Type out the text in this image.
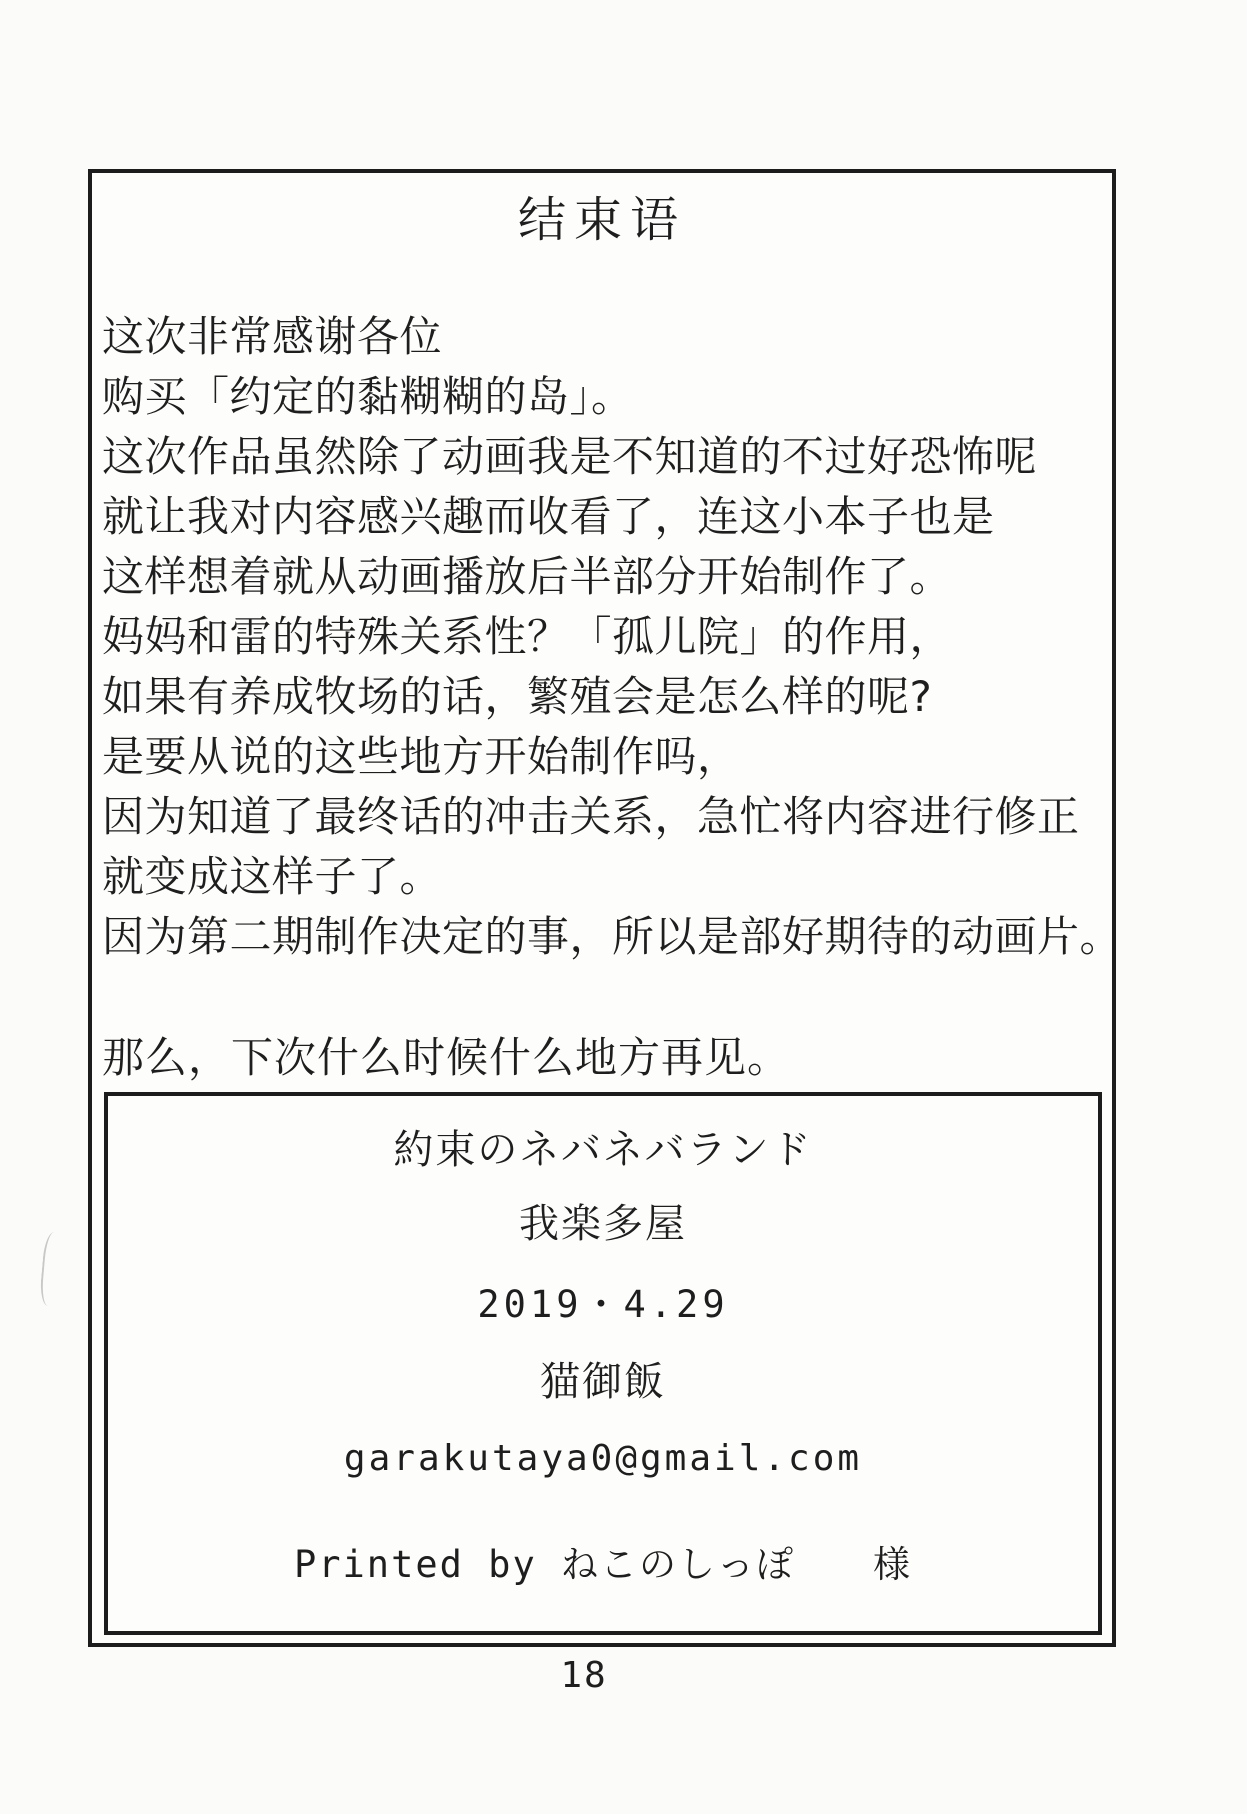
结束语
这次非常感谢各位
购买「约定的黏糊糊的岛」。
这次作品虽然除了动画我是不知道的不过好恐怖呢
就让我对内容感兴趣而收看了，连这小本子也是
这样想着就从动画播放后半部分开始制作了。
妈妈和雷的特殊关系性？「孤儿院」的作用，
如果有养成牧场的话，繁殖会是怎么样的呢?
是要从说的这些地方开始制作吗，
因为知道了最终话的冲击关系，急忙将内容进行修正
就变成这样子了。
因为第二期制作决定的事，所以是部好期待的动画片。
那么，下次什么时候什么地方再见。
約束のネバネバランド
我楽多屋
2019・4.29
猫御飯
garakutaya0@gmail.com
Printed by ねこのしっぽ　　様
18
